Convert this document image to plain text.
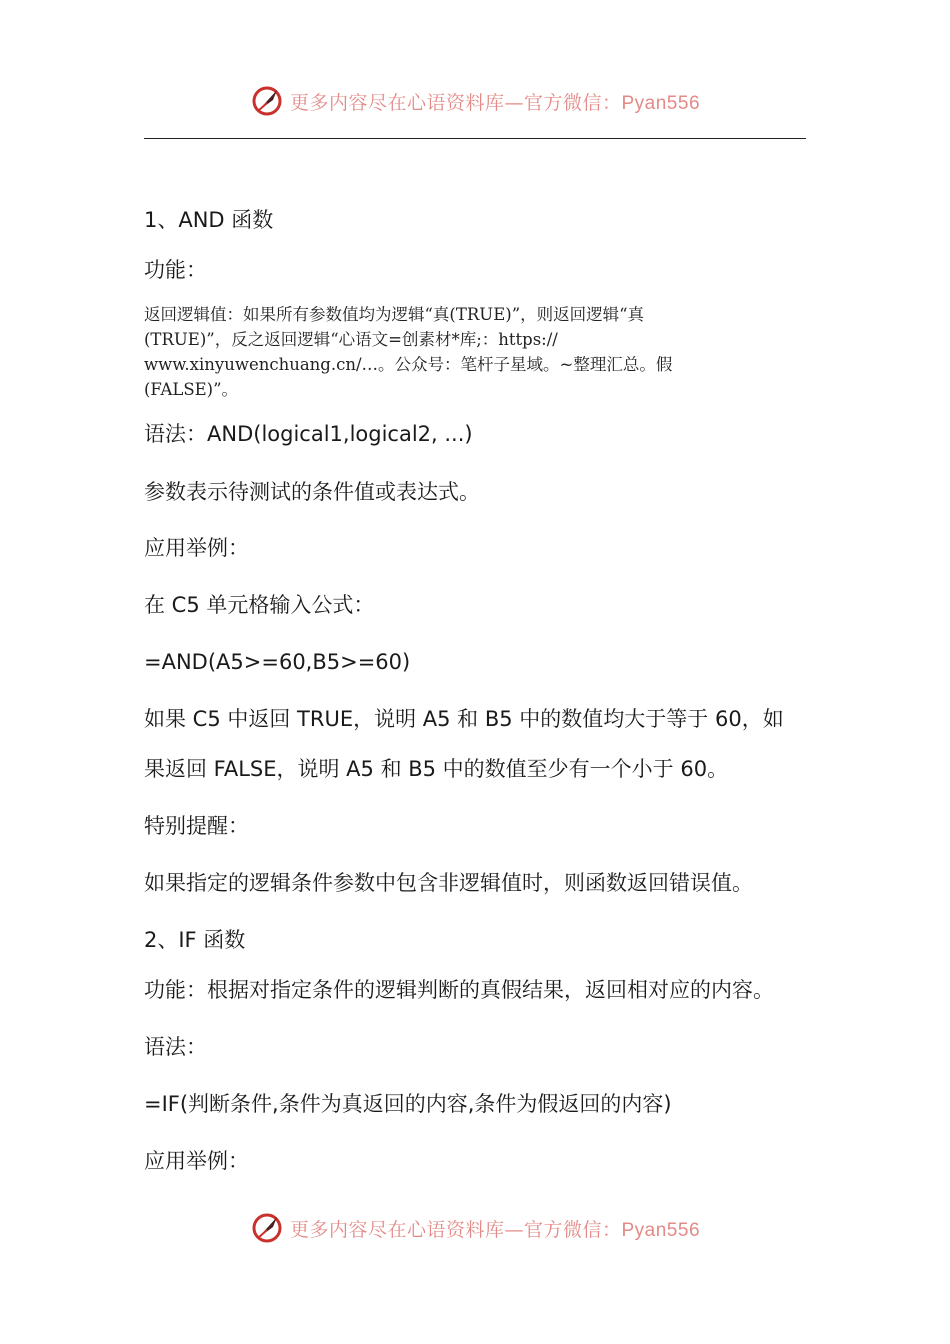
更多内容尽在心语资料库—官方微信：Pyan556
1、AND 函数
功能：
返回逻辑值：如果所有参数值均为逻辑“真(TRUE)”，则返回逻辑“真
(TRUE)”，反之返回逻辑“心语文=创素材*库;：https://
www.xinyuwenchuang.cn/…。公众号：笔杆子星域。~整理汇总。假
(FALSE)”。
语法：AND(logical1,logical2, ...)
参数表示待测试的条件值或表达式。
应用举例：
在 C5 单元格输入公式：
=AND(A5>=60,B5>=60)
如果 C5 中返回 TRUE，说明 A5 和 B5 中的数值均大于等于 60，如
果返回 FALSE，说明 A5 和 B5 中的数值至少有一个小于 60。
特别提醒：
如果指定的逻辑条件参数中包含非逻辑值时，则函数返回错误值。
2、IF 函数
功能：根据对指定条件的逻辑判断的真假结果，返回相对应的内容。
语法：
=IF(判断条件,条件为真返回的内容,条件为假返回的内容)
应用举例：
更多内容尽在心语资料库—官方微信：Pyan556
